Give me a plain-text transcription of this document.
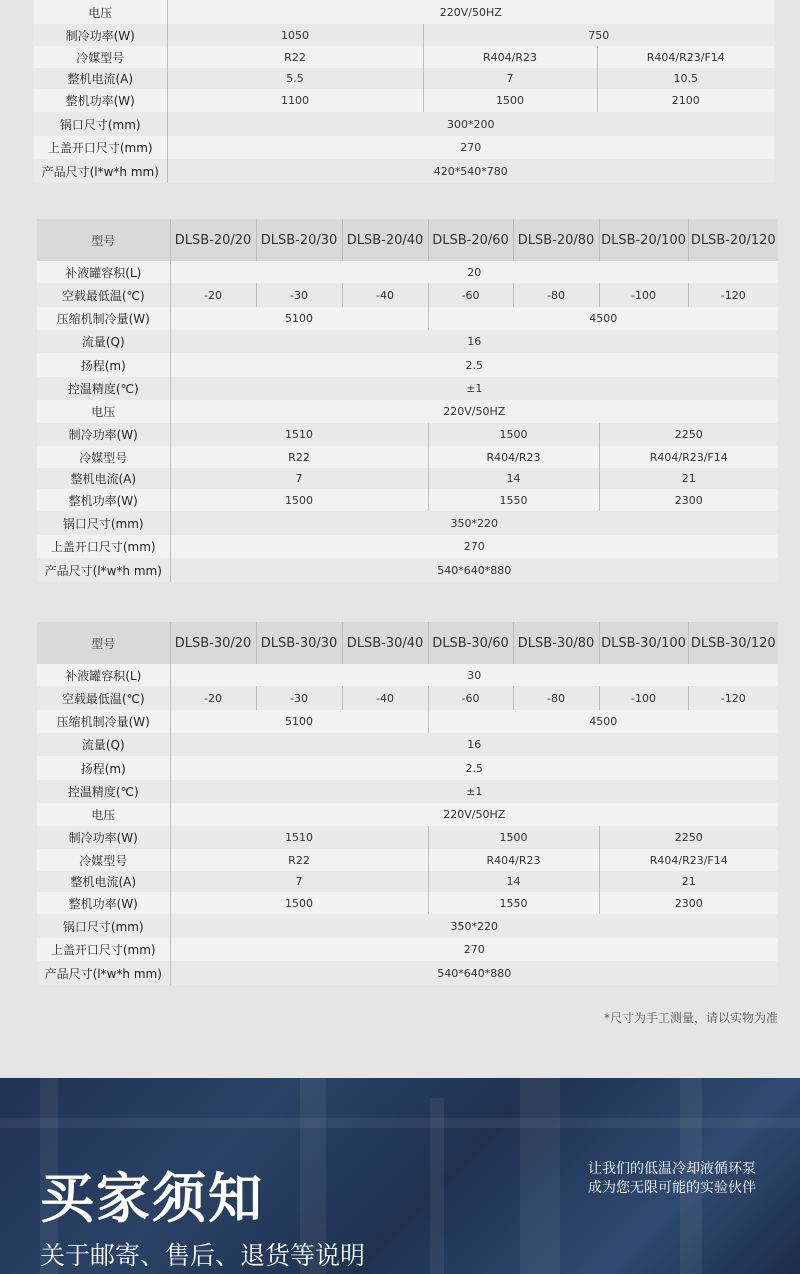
电压	220V/50HZ		
制冷功率(W)	1050	750	
冷媒型号	R22	R404/R23	R404/R23/F14
整机电流(A)	5.5	7	10.5
整机功率(W)	1100	1500	2100
锅口尺寸(mm)	300*200		
上盖开口尺寸(mm)	270		
产品尺寸(l*w*h mm)	420*540*780		
型号	DLSB-20/20	DLSB-20/30	DLSB-20/40	DLSB-20/60	DLSB-20/80	DLSB-20/100	DLSB-20/120
补液罐容积(L)	20						
空载最低温(℃)	-20	-30	-40	-60	-80	-100	-120
压缩机制冷量(W)	5100			4500			
流量(Q)	16						
扬程(m)	2.5						
控温精度(℃)	±1						
电压	220V/50HZ						
制冷功率(W)	1510			1500		2250	
冷媒型号	R22			R404/R23		R404/R23/F14	
整机电流(A)	7			14		21	
整机功率(W)	1500			1550		2300	
锅口尺寸(mm)	350*220						
上盖开口尺寸(mm)	270						
产品尺寸(l*w*h mm)	540*640*880						
型号	DLSB-30/20	DLSB-30/30	DLSB-30/40	DLSB-30/60	DLSB-30/80	DLSB-30/100	DLSB-30/120
补液罐容积(L)	30						
空载最低温(℃)	-20	-30	-40	-60	-80	-100	-120
压缩机制冷量(W)	5100			4500			
流量(Q)	16						
扬程(m)	2.5						
控温精度(℃)	±1						
电压	220V/50HZ						
制冷功率(W)	1510			1500		2250	
冷媒型号	R22			R404/R23		R404/R23/F14	
整机电流(A)	7			14		21	
整机功率(W)	1500			1550		2300	
锅口尺寸(mm)	350*220						
上盖开口尺寸(mm)	270						
产品尺寸(l*w*h mm)	540*640*880						
*尺寸为手工测量，请以实物为准
买家须知
关于邮寄、售后、退货等说明
让我们的低温冷却液循环泵
成为您无限可能的实验伙伴
